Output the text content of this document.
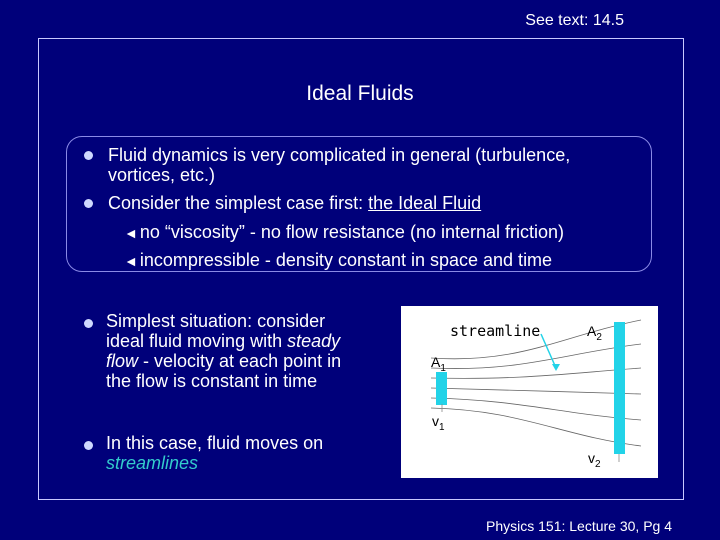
See text: 14.5
Ideal Fluids
Fluid dynamics is very complicated in general (turbulence,
vortices, etc.)
Consider the simplest case first: the Ideal Fluid
◄ no “viscosity” - no flow resistance (no internal friction)
◄ incompressible - density constant in space and time
Simplest situation: consider
ideal fluid moving with steady
flow - velocity at each point in
the flow is constant in time
In this case, fluid moves on
streamlines
streamline
$A_1$
$A_2$
$v_1$
$v_2$
Physics 151: Lecture 30, Pg 4
